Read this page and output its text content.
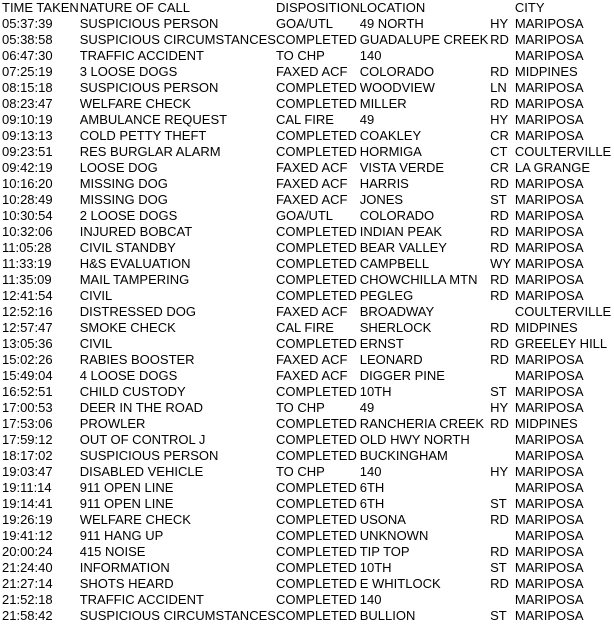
TIME TAKEN	NATURE OF CALL	DISPOSITION	LOCATION		CITY
05:37:39	SUSPICIOUS PERSON	GOA/UTL	49 NORTH	HY	MARIPOSA
05:38:58	SUSPICIOUS CIRCUMSTANCES	COMPLETED	GUADALUPE CREEK	RD	MARIPOSA
06:47:30	TRAFFIC ACCIDENT	TO CHP	140		MARIPOSA
07:25:19	3 LOOSE DOGS	FAXED ACF	COLORADO	RD	MIDPINES
08:15:18	SUSPICIOUS PERSON	COMPLETED	WOODVIEW	LN	MARIPOSA
08:23:47	WELFARE CHECK	COMPLETED	MILLER	RD	MARIPOSA
09:10:19	AMBULANCE REQUEST	CAL FIRE	49	HY	MARIPOSA
09:13:13	COLD PETTY THEFT	COMPLETED	COAKLEY	CR	MARIPOSA
09:23:51	RES BURGLAR ALARM	COMPLETED	HORMIGA	CT	COULTERVILLE
09:42:19	LOOSE DOG	FAXED ACF	VISTA VERDE	CR	LA GRANGE
10:16:20	MISSING DOG	FAXED ACF	HARRIS	RD	MARIPOSA
10:28:49	MISSING DOG	FAXED ACF	JONES	ST	MARIPOSA
10:30:54	2 LOOSE DOGS	GOA/UTL	COLORADO	RD	MARIPOSA
10:32:06	INJURED BOBCAT	COMPLETED	INDIAN PEAK	RD	MARIPOSA
11:05:28	CIVIL STANDBY	COMPLETED	BEAR VALLEY	RD	MARIPOSA
11:33:19	H&S EVALUATION	COMPLETED	CAMPBELL	WY	MARIPOSA
11:35:09	MAIL TAMPERING	COMPLETED	CHOWCHILLA MTN	RD	MARIPOSA
12:41:54	CIVIL	COMPLETED	PEGLEG	RD	MARIPOSA
12:52:16	DISTRESSED DOG	FAXED ACF	BROADWAY		COULTERVILLE
12:57:47	SMOKE CHECK	CAL FIRE	SHERLOCK	RD	MIDPINES
13:05:36	CIVIL	COMPLETED	ERNST	RD	GREELEY HILL
15:02:26	RABIES BOOSTER	FAXED ACF	LEONARD	RD	MARIPOSA
15:49:04	4 LOOSE DOGS	FAXED ACF	DIGGER PINE		MARIPOSA
16:52:51	CHILD CUSTODY	COMPLETED	10TH	ST	MARIPOSA
17:00:53	DEER IN THE ROAD	TO CHP	49	HY	MARIPOSA
17:53:06	PROWLER	COMPLETED	RANCHERIA CREEK	RD	MIDPINES
17:59:12	OUT OF CONTROL J	COMPLETED	OLD HWY NORTH		MARIPOSA
18:17:02	SUSPICIOUS PERSON	COMPLETED	BUCKINGHAM		MARIPOSA
19:03:47	DISABLED VEHICLE	TO CHP	140	HY	MARIPOSA
19:11:14	911 OPEN LINE	COMPLETED	6TH		MARIPOSA
19:14:41	911 OPEN LINE	COMPLETED	6TH	ST	MARIPOSA
19:26:19	WELFARE CHECK	COMPLETED	USONA	RD	MARIPOSA
19:41:12	911 HANG UP	COMPLETED	UNKNOWN		MARIPOSA
20:00:24	415 NOISE	COMPLETED	TIP TOP	RD	MARIPOSA
21:24:40	INFORMATION	COMPLETED	10TH	ST	MARIPOSA
21:27:14	SHOTS HEARD	COMPLETED	E WHITLOCK	RD	MARIPOSA
21:52:18	TRAFFIC ACCIDENT	COMPLETED	140		MARIPOSA
21:58:42	SUSPICIOUS CIRCUMSTANCES	COMPLETED	BULLION	ST	MARIPOSA
